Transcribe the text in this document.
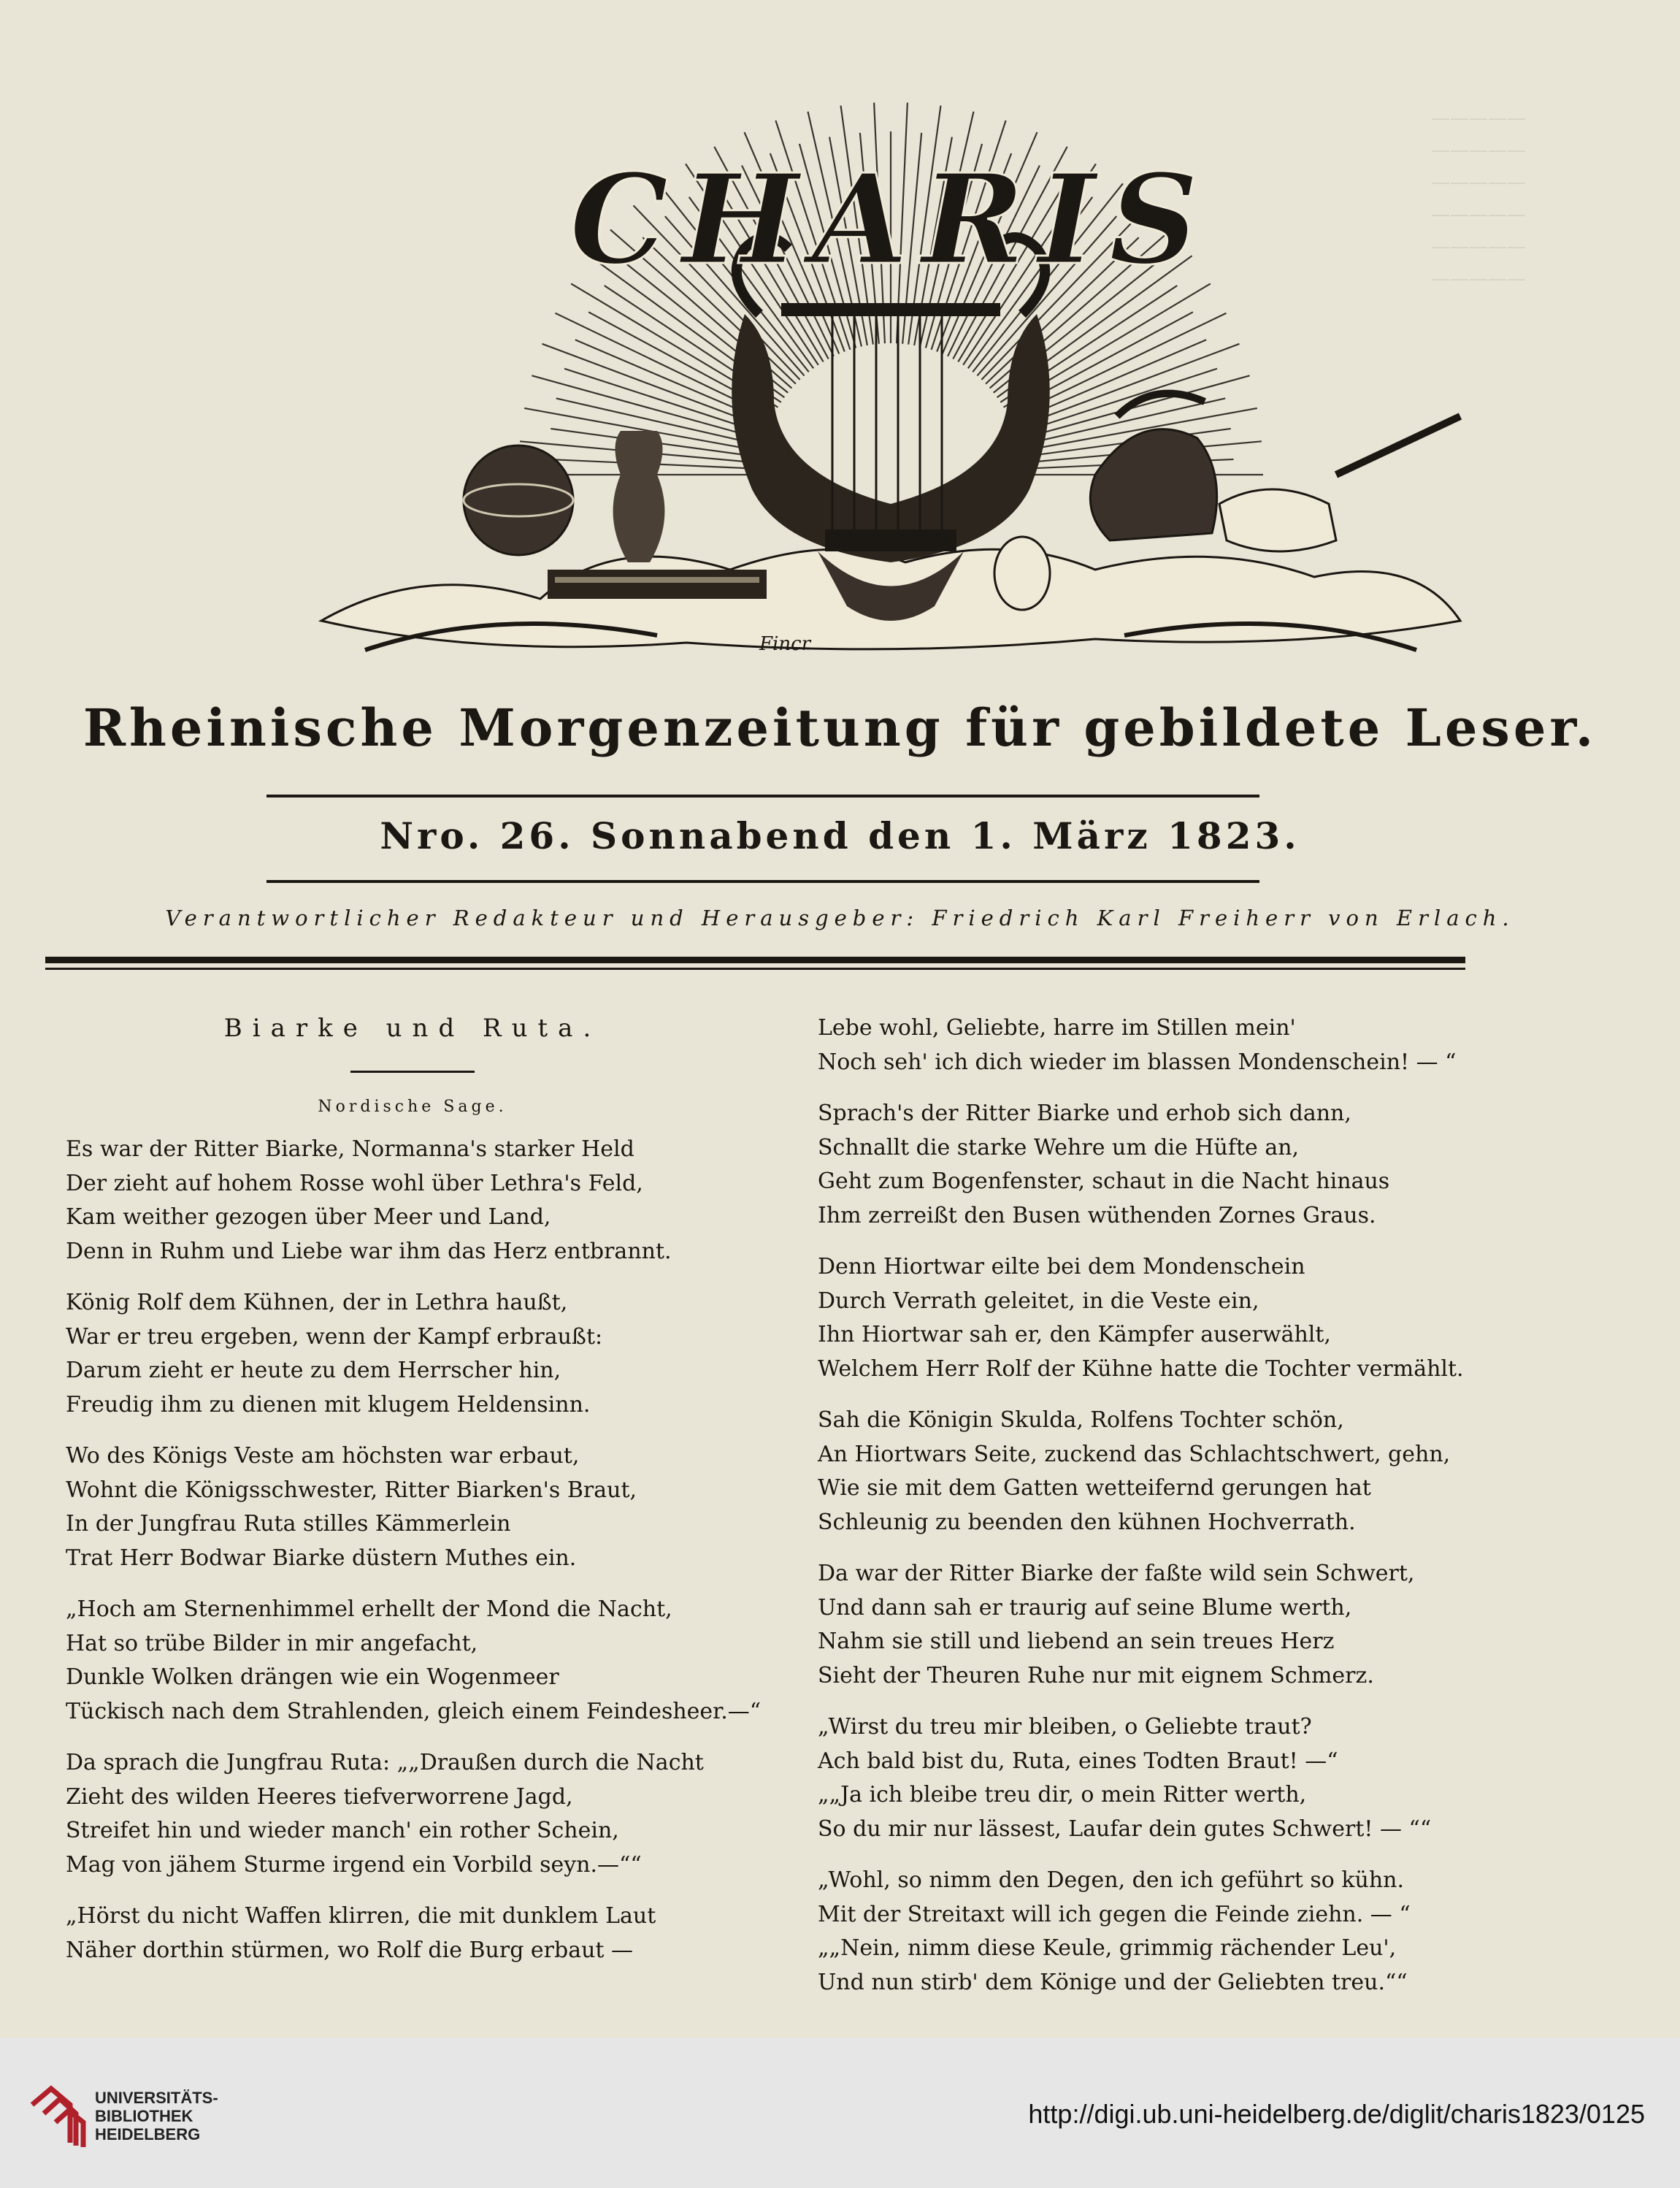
—————
—————
—————
—————
—————
—————
CHARIS
Fincr
Rheinische Morgenzeitung für gebildete Leser.
Nro. 26. Sonnabend den 1. März 1823.
Verantwortlicher Redakteur und Herausgeber: Friedrich Karl Freiherr von Erlach.
Biarke und Ruta.
Nordische Sage.
Es war der Ritter Biarke, Normanna's starker Held
Der zieht auf hohem Rosse wohl über Lethra's Feld,
Kam weither gezogen über Meer und Land,
Denn in Ruhm und Liebe war ihm das Herz entbrannt.
König Rolf dem Kühnen, der in Lethra haußt,
War er treu ergeben, wenn der Kampf erbraußt:
Darum zieht er heute zu dem Herrscher hin,
Freudig ihm zu dienen mit klugem Heldensinn.
Wo des Königs Veste am höchsten war erbaut,
Wohnt die Königsschwester, Ritter Biarken's Braut,
In der Jungfrau Ruta stilles Kämmerlein
Trat Herr Bodwar Biarke düstern Muthes ein.
„Hoch am Sternenhimmel erhellt der Mond die Nacht,
Hat so trübe Bilder in mir angefacht,
Dunkle Wolken drängen wie ein Wogenmeer
Tückisch nach dem Strahlenden, gleich einem Feindesheer.—“
Da sprach die Jungfrau Ruta: „„Draußen durch die Nacht
Zieht des wilden Heeres tiefverworrene Jagd,
Streifet hin und wieder manch' ein rother Schein,
Mag von jähem Sturme irgend ein Vorbild seyn.—““
„Hörst du nicht Waffen klirren, die mit dunklem Laut
Näher dorthin stürmen, wo Rolf die Burg erbaut —
Lebe wohl, Geliebte, harre im Stillen mein'
Noch seh' ich dich wieder im blassen Mondenschein! — “
Sprach's der Ritter Biarke und erhob sich dann,
Schnallt die starke Wehre um die Hüfte an,
Geht zum Bogenfenster, schaut in die Nacht hinaus
Ihm zerreißt den Busen wüthenden Zornes Graus.
Denn Hiortwar eilte bei dem Mondenschein
Durch Verrath geleitet, in die Veste ein,
Ihn Hiortwar sah er, den Kämpfer auserwählt,
Welchem Herr Rolf der Kühne hatte die Tochter vermählt.
Sah die Königin Skulda, Rolfens Tochter schön,
An Hiortwars Seite, zuckend das Schlachtschwert, gehn,
Wie sie mit dem Gatten wetteifernd gerungen hat
Schleunig zu beenden den kühnen Hochverrath.
Da war der Ritter Biarke der faßte wild sein Schwert,
Und dann sah er traurig auf seine Blume werth,
Nahm sie still und liebend an sein treues Herz
Sieht der Theuren Ruhe nur mit eignem Schmerz.
„Wirst du treu mir bleiben, o Geliebte traut?
Ach bald bist du, Ruta, eines Todten Braut! —“
„„Ja ich bleibe treu dir, o mein Ritter werth,
So du mir nur lässest, Laufar dein gutes Schwert! — ““
„Wohl, so nimm den Degen, den ich geführt so kühn.
Mit der Streitaxt will ich gegen die Feinde ziehn. — “
„„Nein, nimm diese Keule, grimmig rächender Leu',
Und nun stirb' dem Könige und der Geliebten treu.““
UNIVERSITÄTS-
BIBLIOTHEK
HEIDELBERG
http://digi.ub.uni-heidelberg.de/diglit/charis1823/0125
